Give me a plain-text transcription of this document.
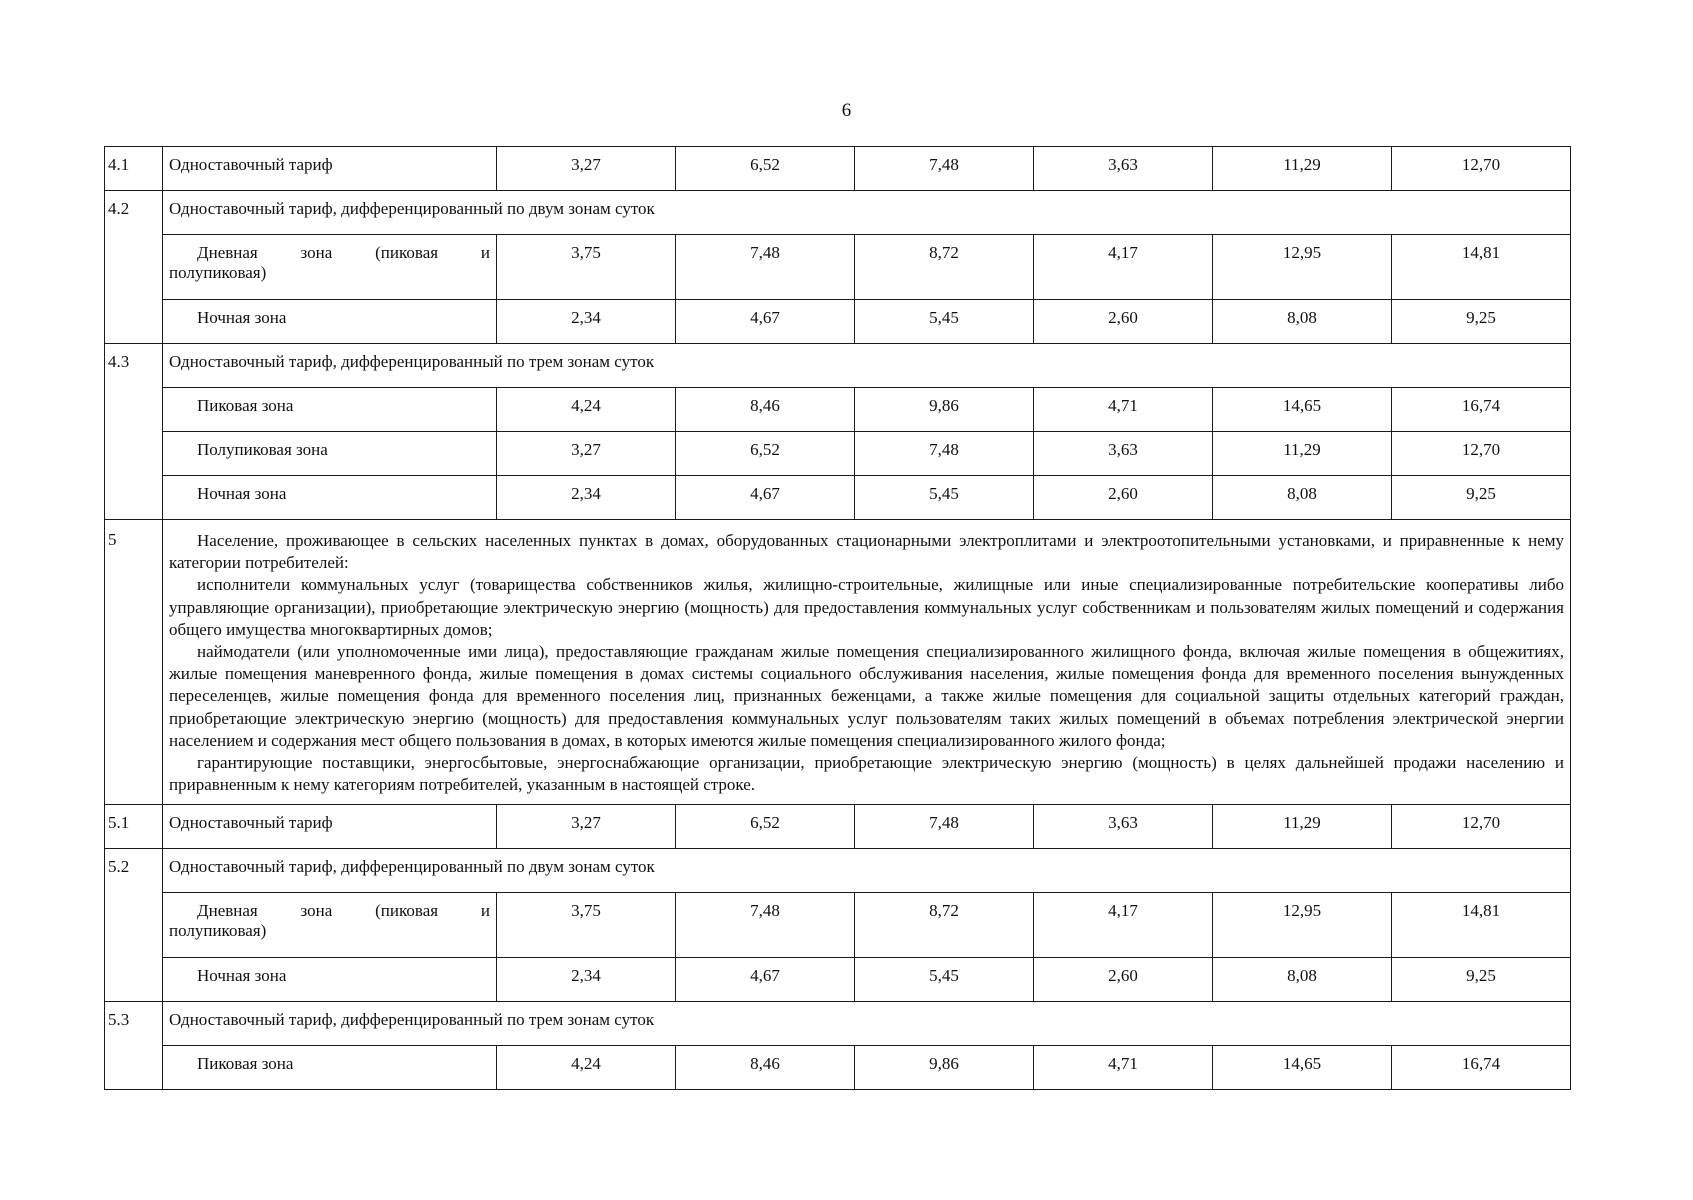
6
4.1	Одноставочный тариф	3,27	6,52	7,48	3,63	11,29	12,70
4.2	Одноставочный тариф, дифференцированный по двум зонам суток						

	Дневная зона (пиковая и
полупиковая)	3,75	7,48	8,72	4,17	12,95	14,81
	Ночная зона	2,34	4,67	5,45	2,60	8,08	9,25
4.3	Одноставочный тариф, дифференцированный по трем зонам суток						
	Пиковая зона	4,24	8,46	9,86	4,71	14,65	16,74
	Полупиковая зона	3,27	6,52	7,48	3,63	11,29	12,70
	Ночная зона	2,34	4,67	5,45	2,60	8,08	9,25
5	Население, проживающее в сельских населенных пунктах в домах, оборудованных стационарными электроплитами и электроотопительными установками, и приравненные к нему категории потребителей:

исполнители коммунальных услуг (товарищества собственников жилья, жилищно-строительные, жилищные или иные специализированные потребительские кооперативы либо управляющие организации), приобретающие электрическую энергию (мощность) для предоставления коммунальных услуг собственникам и пользователям жилых помещений и содержания общего имущества многоквартирных домов;

наймодатели (или уполномоченные ими лица), предоставляющие гражданам жилые помещения специализированного жилищного фонда, включая жилые помещения в общежитиях, жилые помещения маневренного фонда, жилые помещения в домах системы социального обслуживания населения, жилые помещения фонда для временного поселения вынужденных переселенцев, жилые помещения фонда для временного поселения лиц, признанных беженцами, а также жилые помещения для социальной защиты отдельных категорий граждан, приобретающие электрическую энергию (мощность) для предоставления коммунальных услуг пользователям таких жилых помещений в объемах потребления электрической энергии населением и содержания мест общего пользования в домах, в которых имеются жилые помещения специализированного жилого фонда;

гарантирующие поставщики, энергосбытовые, энергоснабжающие организации, приобретающие электрическую энергию (мощность) в целях дальнейшей продажи населению и приравненным к нему категориям потребителей, указанным в настоящей строке.						

5.1	Одноставочный тариф	3,27	6,52	7,48	3,63	11,29	12,70
5.2	Одноставочный тариф, дифференцированный по двум зонам суток						

	Дневная зона (пиковая и
полупиковая)	3,75	7,48	8,72	4,17	12,95	14,81
	Ночная зона	2,34	4,67	5,45	2,60	8,08	9,25
5.3	Одноставочный тариф, дифференцированный по трем зонам суток						
	Пиковая зона	4,24	8,46	9,86	4,71	14,65	16,74
